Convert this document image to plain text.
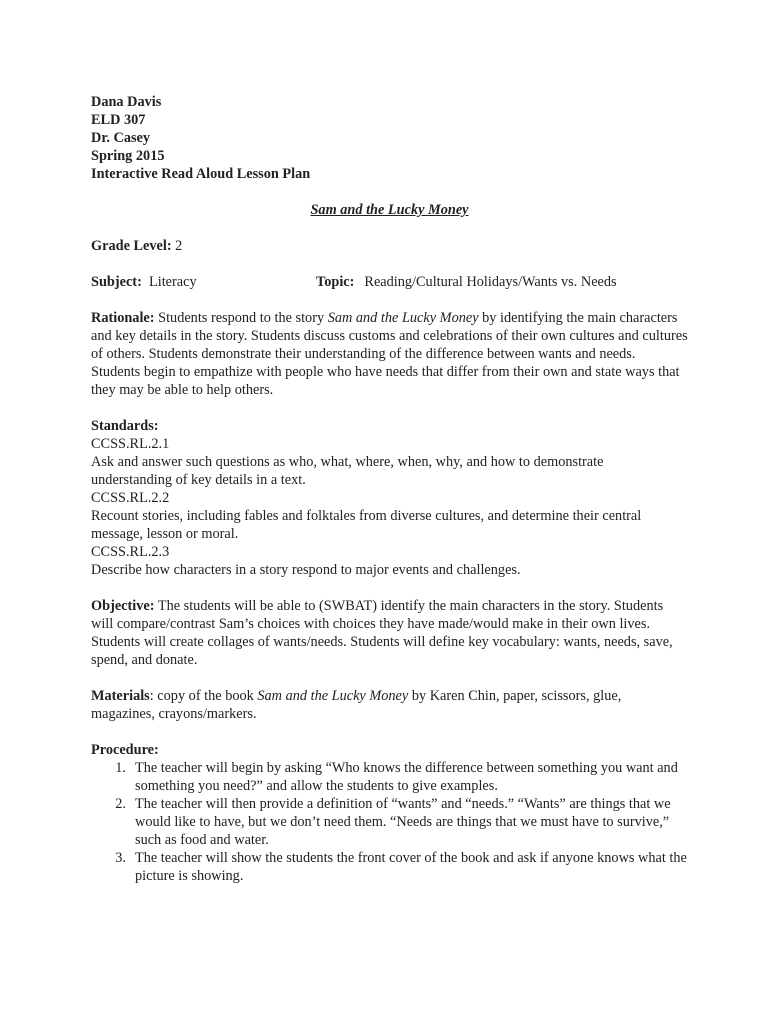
Dana Davis
ELD 307
Dr. Casey
Spring 2015
Interactive Read Aloud Lesson Plan
Sam and the Lucky Money
Grade Level: 2
Subject: Literacy	Topic: Reading/Cultural Holidays/Wants vs. Needs
Rationale: Students respond to the story Sam and the Lucky Money by identifying the main characters and key details in the story. Students discuss customs and celebrations of their own cultures and cultures of others. Students demonstrate their understanding of the difference between wants and needs. Students begin to empathize with people who have needs that differ from their own and state ways that they may be able to help others.
Standards:
CCSS.RL.2.1
Ask and answer such questions as who, what, where, when, why, and how to demonstrate understanding of key details in a text.
CCSS.RL.2.2
Recount stories, including fables and folktales from diverse cultures, and determine their central message, lesson or moral.
CCSS.RL.2.3
Describe how characters in a story respond to major events and challenges.
Objective: The students will be able to (SWBAT) identify the main characters in the story. Students will compare/contrast Sam’s choices with choices they have made/would make in their own lives. Students will create collages of wants/needs. Students will define key vocabulary: wants, needs, save, spend, and donate.
Materials: copy of the book Sam and the Lucky Money by Karen Chin, paper, scissors, glue, magazines, crayons/markers.
Procedure:
1. The teacher will begin by asking “Who knows the difference between something you want and something you need?” and allow the students to give examples.
2. The teacher will then provide a definition of “wants” and “needs.” “Wants” are things that we would like to have, but we don’t need them. “Needs are things that we must have to survive,” such as food and water.
3. The teacher will show the students the front cover of the book and ask if anyone knows what the picture is showing.
